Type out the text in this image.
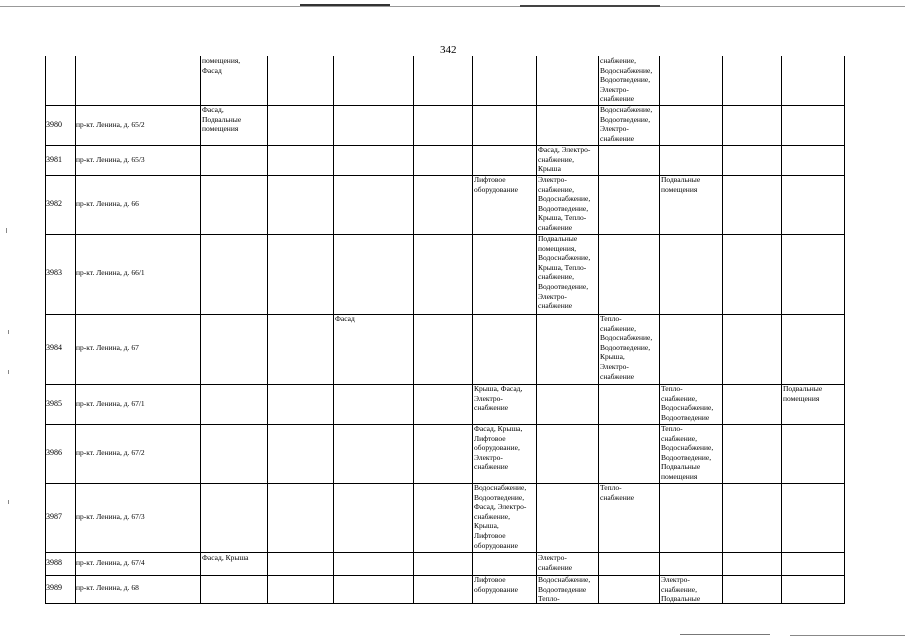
342
помещения,
Фасад
снабжение,
Водоснабжение,
Водоотведение,
Электро-
снабжение
3980 пр-кт. Ленина, д. 65/2
Фасад,
Подвальные
помещения
Водоснабжение,
Водоотведение,
Электро-
снабжение
3981 пр-кт. Ленина, д. 65/3
Фасад, Электро-
снабжение,
Крыша
3982 пр-кт. Ленина, д. 66
Лифтовое
оборудование
Электро-
снабжение,
Водоснабжение,
Водоотведение,
Крыша, Тепло-
снабжение
Подвальные
помещения
3983 пр-кт. Ленина, д. 66/1
Подвальные
помещения,
Водоснабжение,
Крыша, Тепло-
снабжение,
Водоотведение,
Электро-
снабжение
3984 пр-кт. Ленина, д. 67
Фасад	Тепло-
снабжение,
Водоснабжение,
Водоотведение,
Крыша,
Электро-
снабжение
3985 пр-кт. Ленина, д. 67/1
Крыша, Фасад,
Электро-
снабжение
Тепло-
снабжение,
Водоснабжение,
Водоотведение
Подвальные
помещения
3986 пр-кт. Ленина, д. 67/2
Фасад, Крыша,
Лифтовое
оборудование,
Электро-
снабжение
Тепло-
снабжение,
Водоснабжение,
Водоотведение,
Подвальные
помещения
3987 пр-кт. Ленина, д. 67/3
Водоснабжение,
Водоотведение,
Фасад, Электро-
снабжение,
Крыша,
Лифтовое
оборудование
Тепло-
снабжение
3988 пр-кт. Ленина, д. 67/4
Фасад, Крыша	Электро-
снабжение
3989 пр-кт. Ленина, д. 68
Лифтовое
оборудование
Водоснабжение,
Водоотведение
Тепло-
Электро-
снабжение,
Подвальные
